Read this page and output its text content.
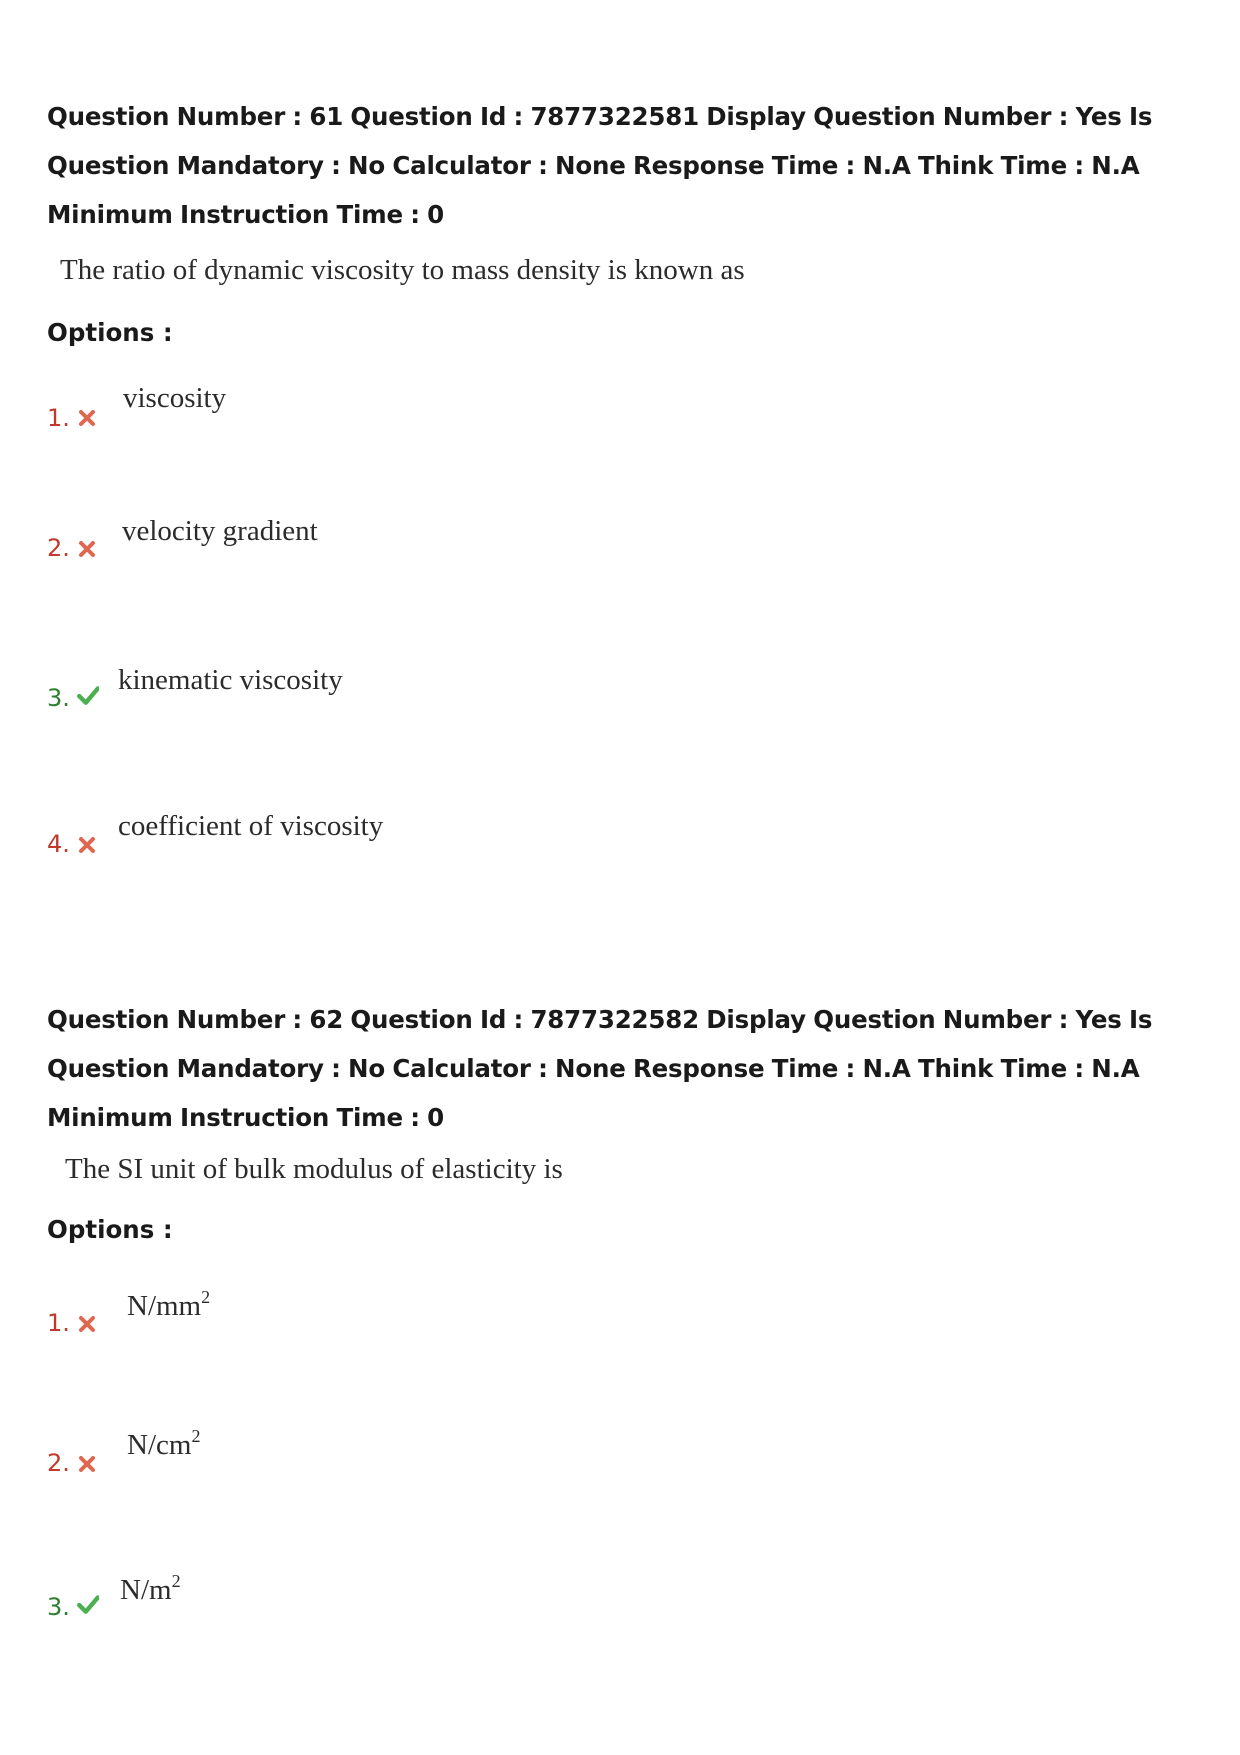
Question Number : 61 Question Id : 7877322581 Display Question Number : Yes Is Question Mandatory : No Calculator : None Response Time : N.A Think Time : N.A Minimum Instruction Time : 0
The ratio of dynamic viscosity to mass density is known as
Options :
1.
viscosity
2.
velocity gradient
3.
kinematic viscosity
4.
coefficient of viscosity
Question Number : 62 Question Id : 7877322582 Display Question Number : Yes Is Question Mandatory : No Calculator : None Response Time : N.A Think Time : N.A Minimum Instruction Time : 0
The SI unit of bulk modulus of elasticity is
Options :
1.
$N/mm^2$
2.
$N/cm^2$
3.
$N/m^2$
